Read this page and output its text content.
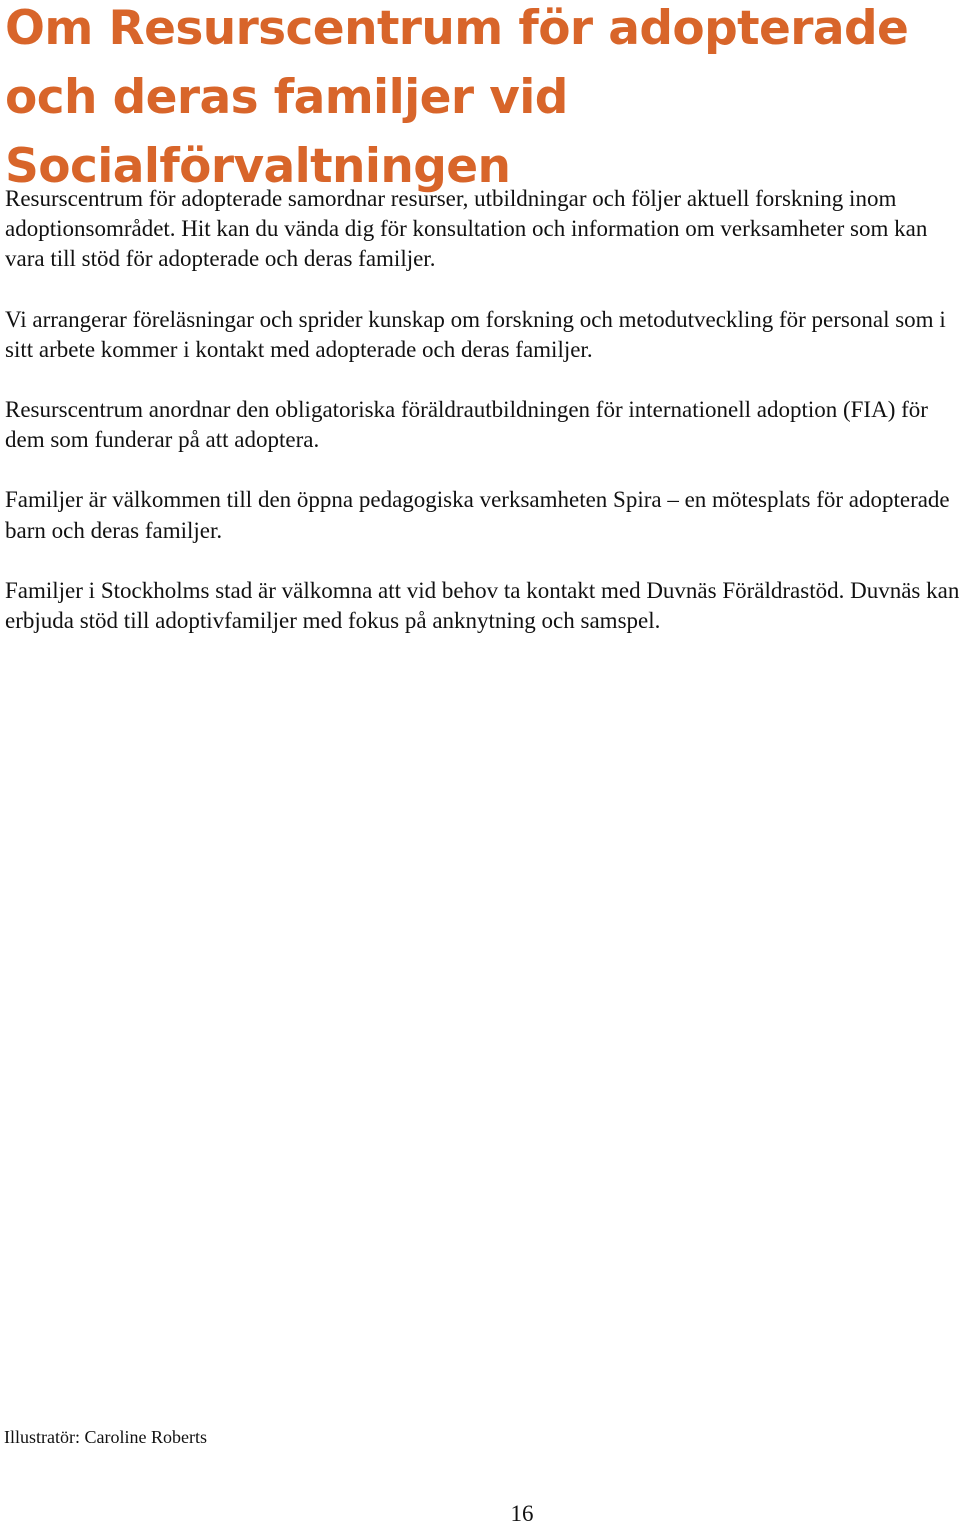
Om Resurscentrum för adopterade och deras familjer vid Socialförvaltningen

Resurscentrum för adopterade samordnar resurser, utbildningar och följer aktuell forskning inom adoptionsområdet. Hit kan du vända dig för konsultation och information om verksamheter som kan vara till stöd för adopterade och deras familjer.

Vi arrangerar föreläsningar och sprider kunskap om forskning och metodutveckling för personal som i sitt arbete kommer i kontakt med adopterade och deras familjer.

Resurscentrum anordnar den obligatoriska föräldrautbildningen för internationell adoption (FIA) för dem som funderar på att adoptera.

Familjer är välkommen till den öppna pedagogiska verksamheten Spira – en mötesplats för adopterade barn och deras familjer.

Familjer i Stockholms stad är välkomna att vid behov ta kontakt med Duvnäs Föräldrastöd. Duvnäs kan erbjuda stöd till adoptivfamiljer med fokus på anknytning och samspel.

Illustratör: Caroline Roberts

16
